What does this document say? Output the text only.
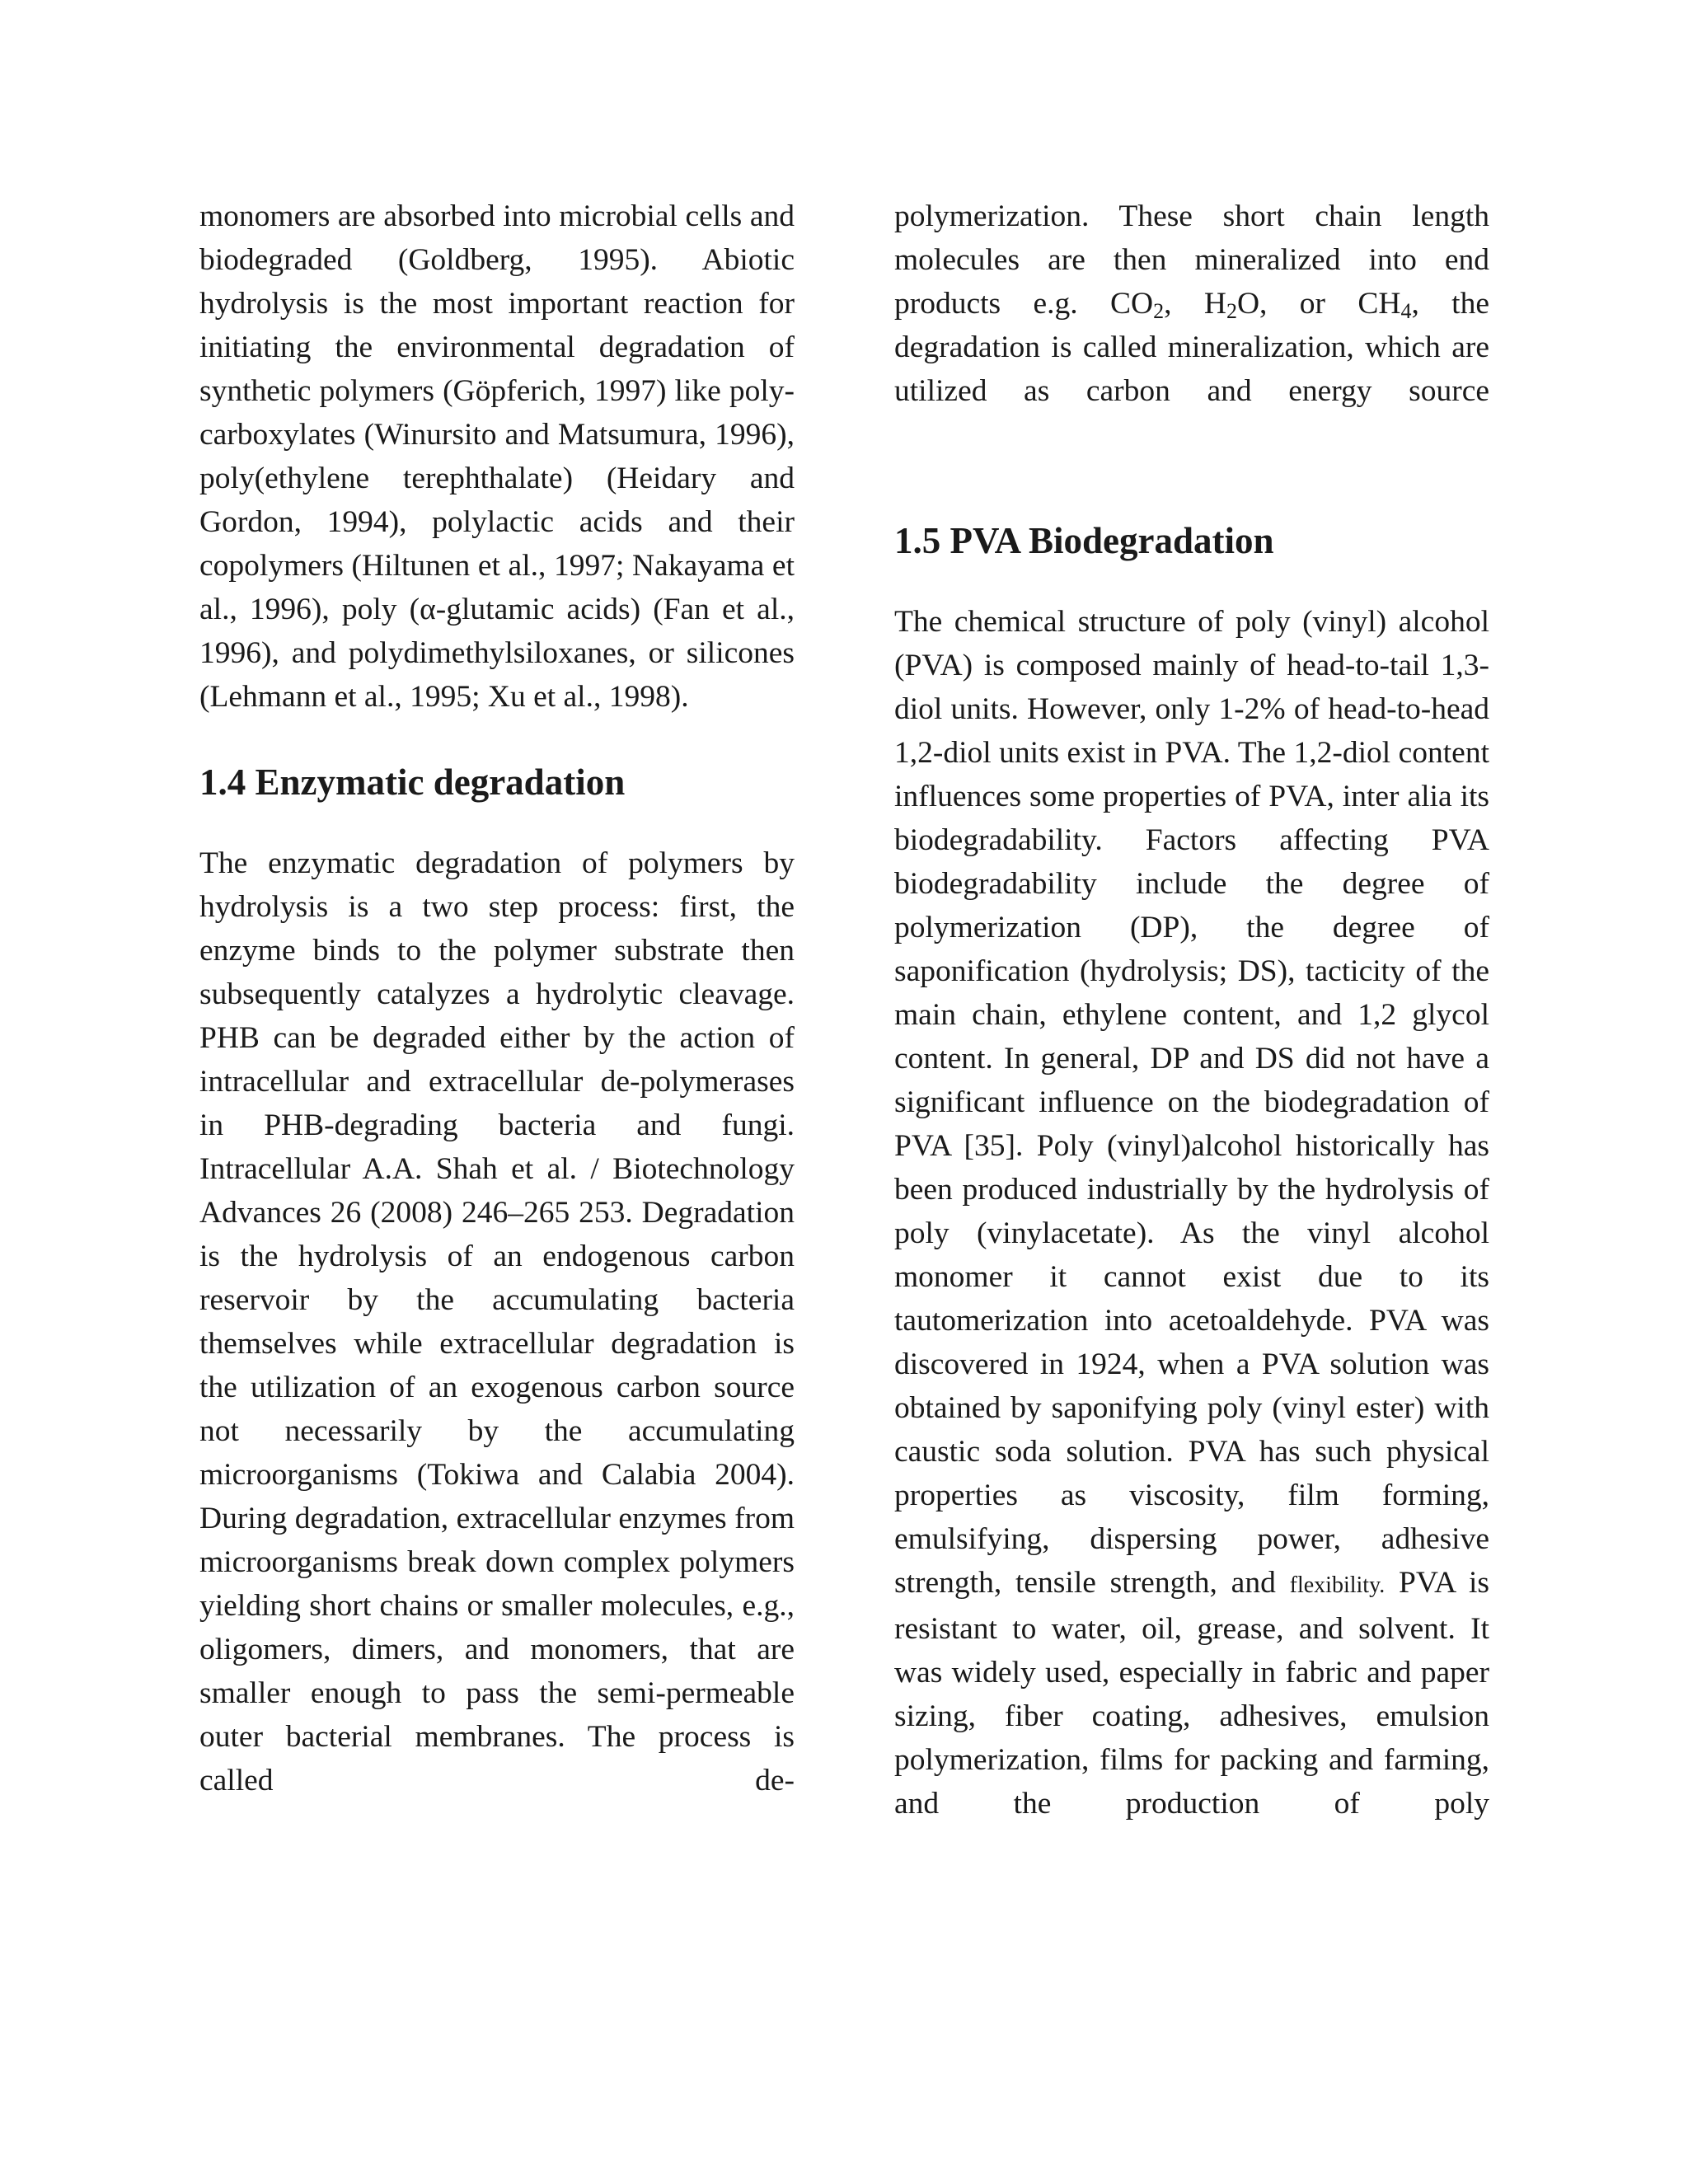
monomers are absorbed into microbial cells and biodegraded (Goldberg, 1995). Abiotic hydrolysis is the most important reaction for initiating the environmental degradation of synthetic polymers (Göpferich, 1997) like poly-carboxylates (Winursito and Matsumura, 1996), poly(ethylene terephthalate) (Heidary and Gordon, 1994), polylactic acids and their copolymers (Hiltunen et al., 1997; Nakayama et al., 1996), poly (α-glutamic acids) (Fan et al., 1996), and polydimethylsiloxanes, or silicones (Lehmann et al., 1995; Xu et al., 1998).

1.4 Enzymatic degradation

The enzymatic degradation of polymers by hydrolysis is a two step process: first, the enzyme binds to the polymer substrate then subsequently catalyzes a hydrolytic cleavage. PHB can be degraded either by the action of intracellular and extracellular de-polymerases in PHB-degrading bacteria and fungi. Intracellular A.A. Shah et al. / Biotechnology Advances 26 (2008) 246–265 253. Degradation is the hydrolysis of an endogenous carbon reservoir by the accumulating bacteria themselves while extracellular degradation is the utilization of an exogenous carbon source not necessarily by the accumulating microorganisms (Tokiwa and Calabia 2004). During degradation, extracellular enzymes from microorganisms break down complex polymers yielding short chains or smaller molecules, e.g., oligomers, dimers, and monomers, that are smaller enough to pass the semi-permeable outer bacterial membranes. The process is called de-

polymerization. These short chain length molecules are then mineralized into end products e.g. $CO_2$, $H_2O$, or $CH_4$, the degradation is called mineralization, which are utilized as carbon and energy source

1.5 PVA Biodegradation

The chemical structure of poly (vinyl) alcohol (PVA) is composed mainly of head-to-tail 1,3-diol units. However, only 1-2% of head-to-head 1,2-diol units exist in PVA. The 1,2-diol content influences some properties of PVA, inter alia its biodegradability. Factors affecting PVA biodegradability include the degree of polymerization (DP), the degree of saponification (hydrolysis; DS), tacticity of the main chain, ethylene content, and 1,2 glycol content. In general, DP and DS did not have a significant influence on the biodegradation of PVA [35]. Poly (vinyl)alcohol historically has been produced industrially by the hydrolysis of poly (vinylacetate). As the vinyl alcohol monomer it cannot exist due to its tautomerization into acetoaldehyde. PVA was discovered in 1924, when a PVA solution was obtained by saponifying poly (vinyl ester) with caustic soda solution. PVA has such physical properties as viscosity, film forming, emulsifying, dispersing power, adhesive strength, tensile strength, and flexibility. PVA is resistant to water, oil, grease, and solvent. It was widely used, especially in fabric and paper sizing, fiber coating, adhesives, emulsion polymerization, films for packing and farming, and the production of poly
